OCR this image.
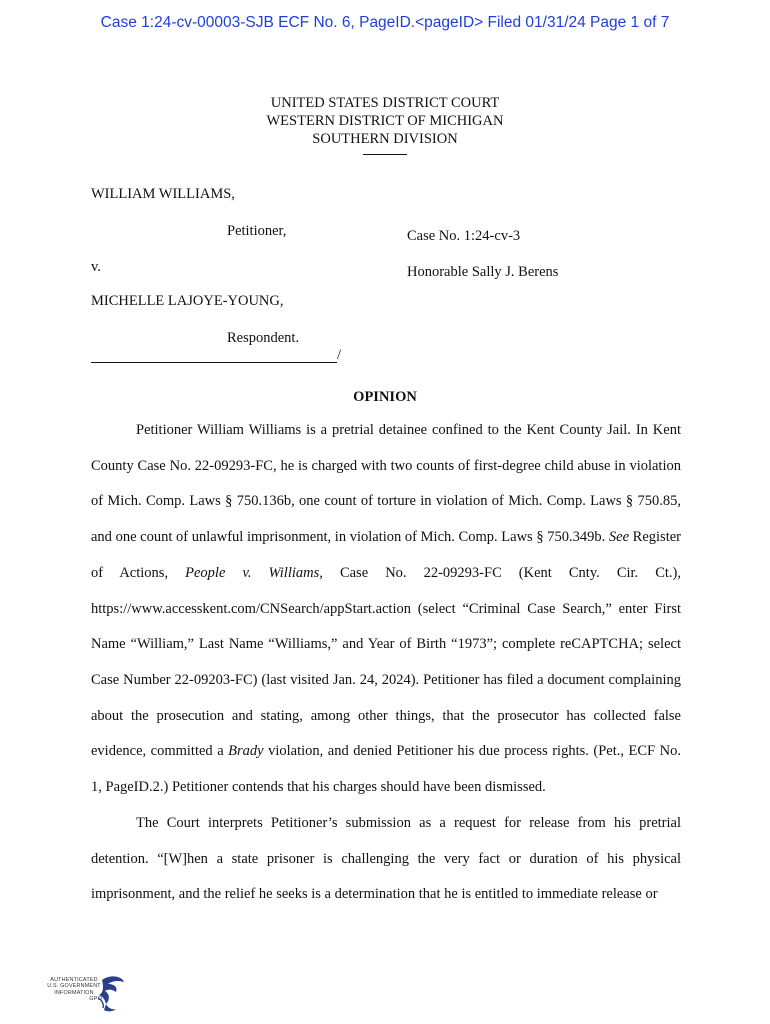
Case 1:24-cv-00003-SJB ECF No. 6, PageID.<pageID> Filed 01/31/24 Page 1 of 7
UNITED STATES DISTRICT COURT
WESTERN DISTRICT OF MICHIGAN
SOUTHERN DIVISION
WILLIAM WILLIAMS,
Petitioner,	Case No. 1:24-cv-3
v.	Honorable Sally J. Berens
MICHELLE LAJOYE-YOUNG,
Respondent.
/
OPINION

Petitioner William Williams is a pretrial detainee confined to the Kent County Jail. In Kent County Case No. 22-09293-FC, he is charged with two counts of first-degree child abuse in violation of Mich. Comp. Laws § 750.136b, one count of torture in violation of Mich. Comp. Laws § 750.85, and one count of unlawful imprisonment, in violation of Mich. Comp. Laws § 750.349b. See Register of Actions, People v. Williams, Case No. 22-09293-FC (Kent Cnty. Cir. Ct.), https://www.accesskent.com/CNSearch/appStart.action (select “Criminal Case Search,” enter First Name “William,” Last Name “Williams,” and Year of Birth “1973”; complete reCAPTCHA; select Case Number 22-09203-FC) (last visited Jan. 24, 2024). Petitioner has filed a document complaining about the prosecution and stating, among other things, that the prosecutor has collected false evidence, committed a Brady violation, and denied Petitioner his due process rights. (Pet., ECF No. 1, PageID.2.) Petitioner contends that his charges should have been dismissed.

The Court interprets Petitioner’s submission as a request for release from his pretrial detention. “[W]hen a state prisoner is challenging the very fact or duration of his physical imprisonment, and the relief he seeks is a determination that he is entitled to immediate release or

AUTHENTICATED
U.S. GOVERNMENT
INFORMATION
GPO
